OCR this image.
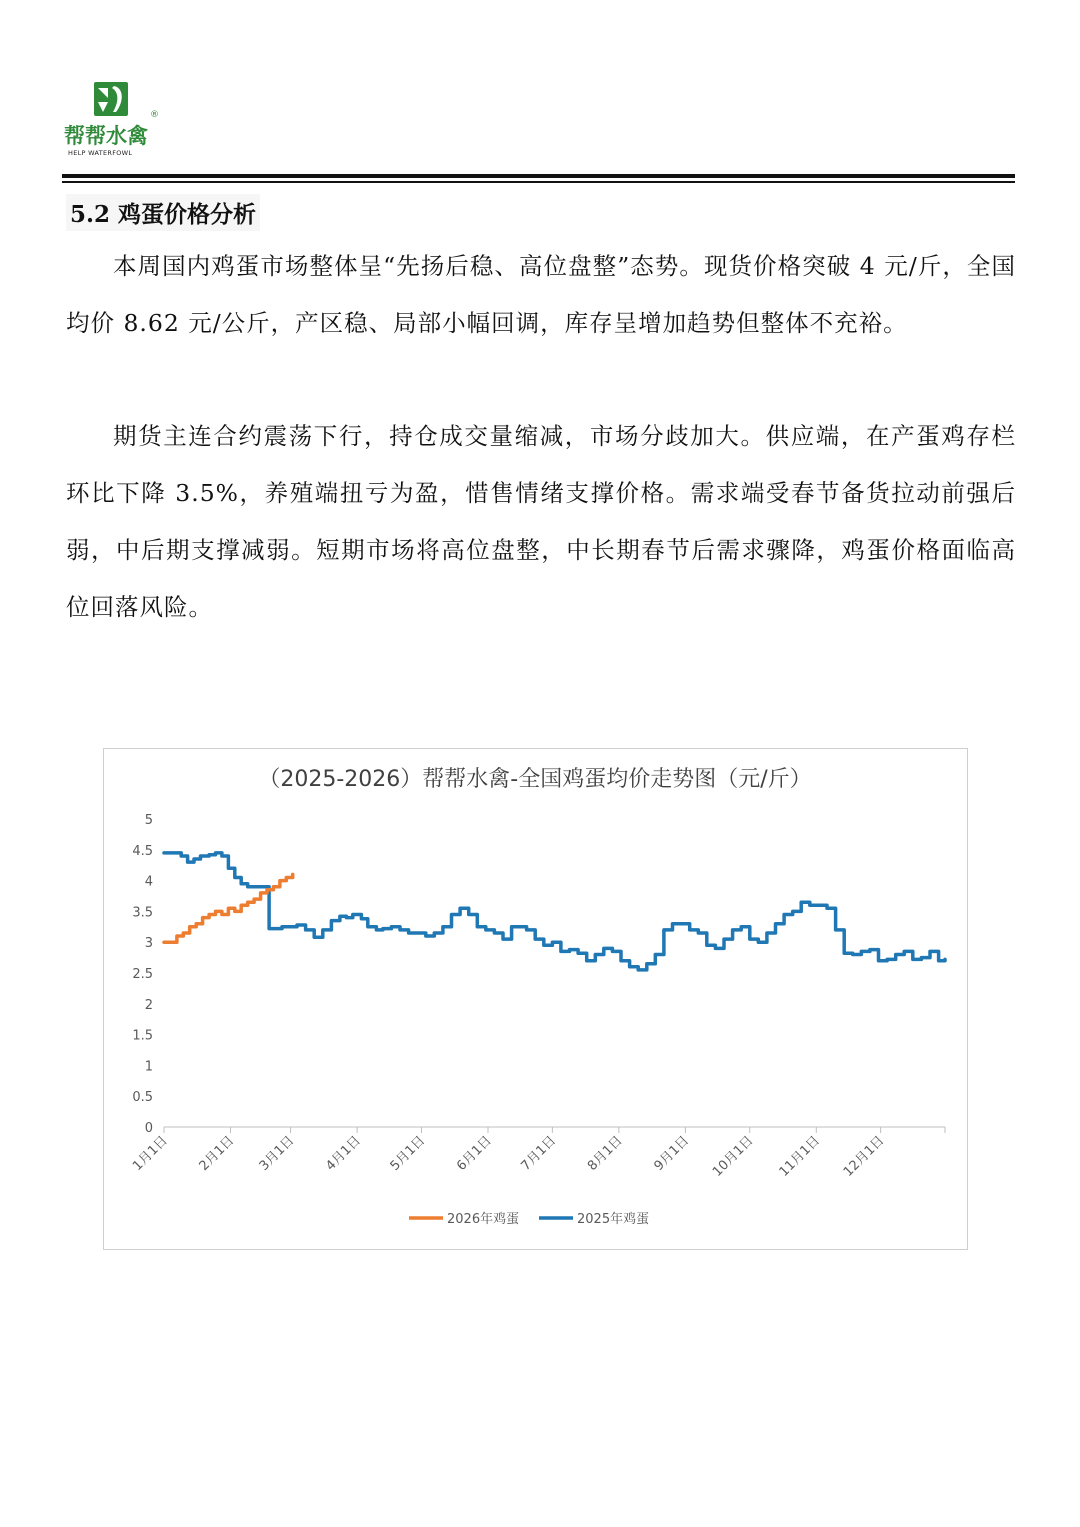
®
帮帮水禽
HELP WATERFOWL
5.2 鸡蛋价格分析

本周国内鸡蛋市场整体呈“先扬后稳、高位盘整”态势。现货价格突破 4 元/斤，全国均价 8.62 元/公斤，产区稳、局部小幅回调，库存呈增加趋势但整体不充裕。

期货主连合约震荡下行，持仓成交量缩减，市场分歧加大。供应端，在产蛋鸡存栏环比下降 3.5%，养殖端扭亏为盈，惜售情绪支撑价格。需求端受春节备货拉动前强后弱，中后期支撑减弱。短期市场将高位盘整，中长期春节后需求骤降，鸡蛋价格面临高位回落风险。

（2025-2026）帮帮水禽-全国鸡蛋均价走势图（元/斤）
0
0.5
1
1.5
2
2.5
3
3.5
4
4.5
5
1月1日 2月1日 3月1日 4月1日 5月1日 6月1日 7月1日 8月1日 9月1日 10月1日 11月1日 12月1日
2026年鸡蛋	2025年鸡蛋
